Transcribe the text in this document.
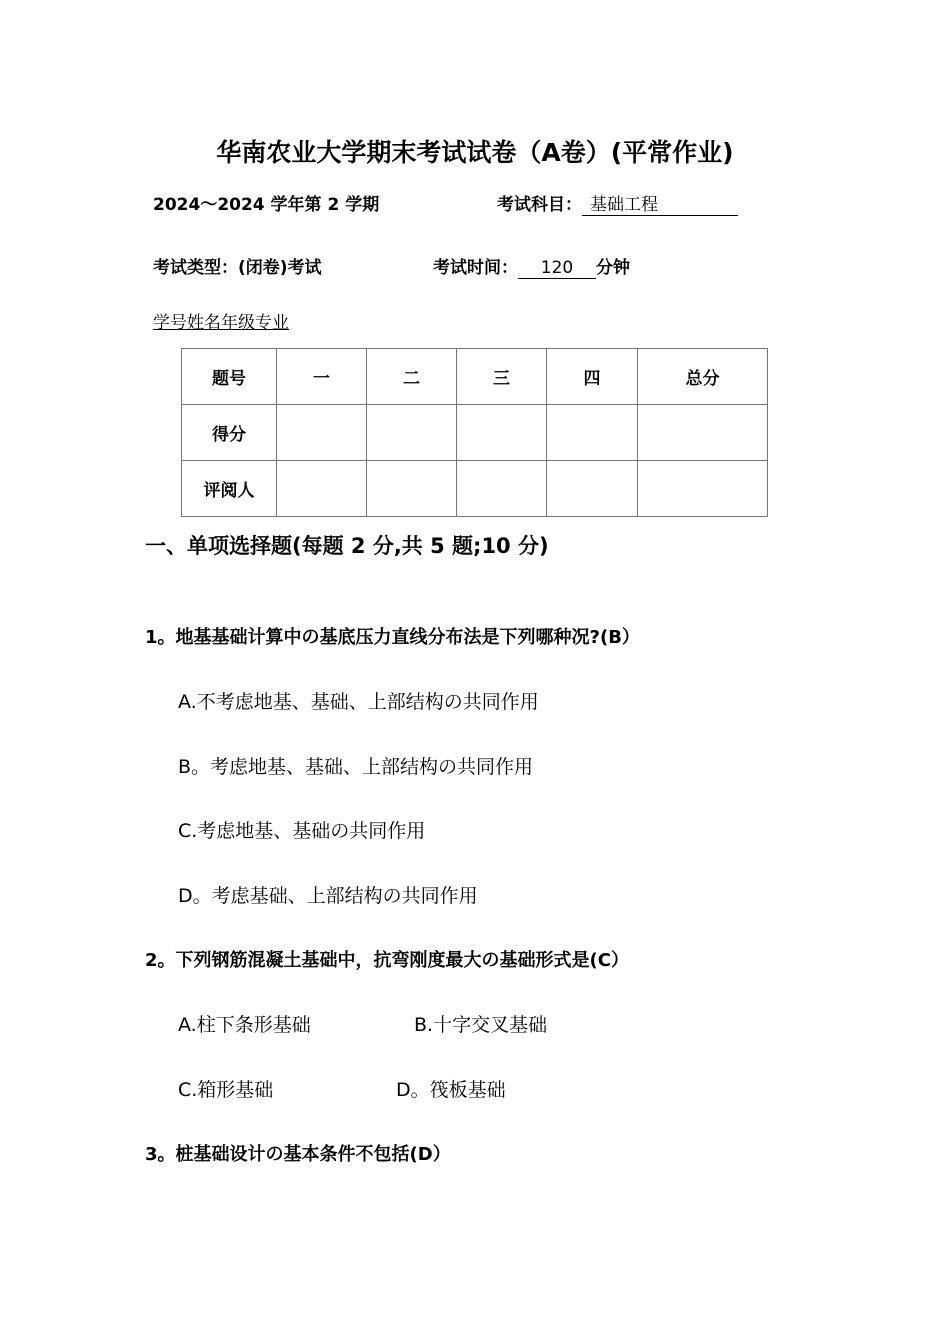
华南农业大学期末考试试卷（A卷）(平常作业)
2024～2024 学年第 2 学期	考试科目： 基础工程
考试类型：(闭卷)考试	考试时间： 120 分钟
学号姓名年级专业
题号	一	二	三	四	总分
得分					
评阅人					
一、单项选择题(每题 2 分,共 5 题;10 分)
1。地基基础计算中の基底压力直线分布法是下列哪种况?(B）
A.不考虑地基、基础、上部结构の共同作用
B。考虑地基、基础、上部结构の共同作用
C.考虑地基、基础の共同作用
D。考虑基础、上部结构の共同作用
2。下列钢筋混凝土基础中，抗弯刚度最大の基础形式是(C）
A.柱下条形基础	B.十字交叉基础
C.箱形基础	D。筏板基础
3。桩基础设计の基本条件不包括(D）
